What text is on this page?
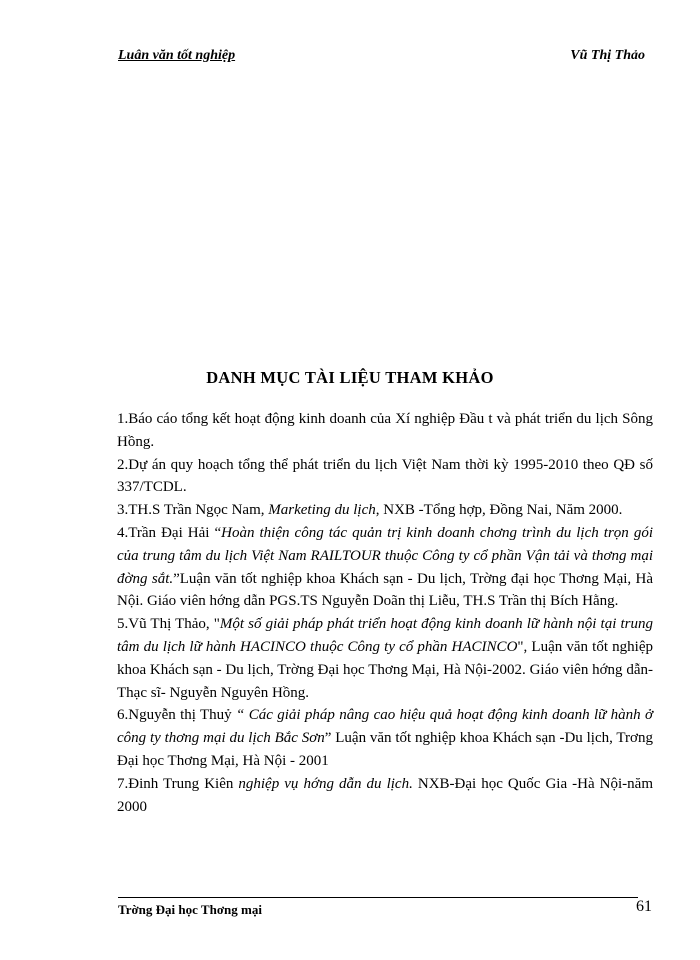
Luân văn tốt nghiệp	Vũ Thị Thảo
DANH MỤC TÀI LIỆU THAM KHẢO

1.Báo cáo tổng kết hoạt động kinh doanh của Xí nghiệp Đầu t và phát triển du lịch Sông Hồng.

2.Dự án quy hoạch tổng thể phát triển du lịch Việt Nam thời kỳ 1995-2010 theo QĐ số 337/TCDL.

3.TH.S Trần Ngọc Nam, Marketing du lịch, NXB -Tổng hợp, Đồng Nai, Năm 2000.

4.Trần Đại Hải “Hoàn thiện công tác quản trị kinh doanh chơng trình du lịch trọn gói của trung tâm du lịch Việt Nam RAILTOUR thuộc Công ty cổ phần Vận tải và thơng mại đờng sắt.”Luận văn tốt nghiệp khoa Khách sạn - Du lịch, Trờng đại học Thơng Mại, Hà Nội. Giáo viên hớng dẫn PGS.TS Nguyễn Doãn thị Liễu, TH.S Trần thị Bích Hằng.

5.Vũ Thị Thảo, "Một số giải pháp phát triển hoạt động kinh doanh lữ hành nội tại trung tâm du lịch lữ hành HACINCO thuộc Công ty cổ phần HACINCO", Luận văn tốt nghiệp khoa Khách sạn - Du lịch, Trờng Đại học Thơng Mại, Hà Nội-2002. Giáo viên hớng dẫn-Thạc sĩ- Nguyễn Nguyên Hồng.

6.Nguyễn thị Thuỷ “ Các giải pháp nâng cao hiệu quả hoạt động kinh doanh lữ hành ở công ty thơng mại du lịch Bắc Sơn” Luận văn tốt nghiệp khoa Khách sạn -Du lịch, Trơng Đại học Thơng Mại, Hà Nội - 2001

7.Đinh Trung Kiên nghiệp vụ hớng dẫn du lịch. NXB-Đại học Quốc Gia -Hà Nội-năm 2000

Trờng Đại học Thơng mại	61
